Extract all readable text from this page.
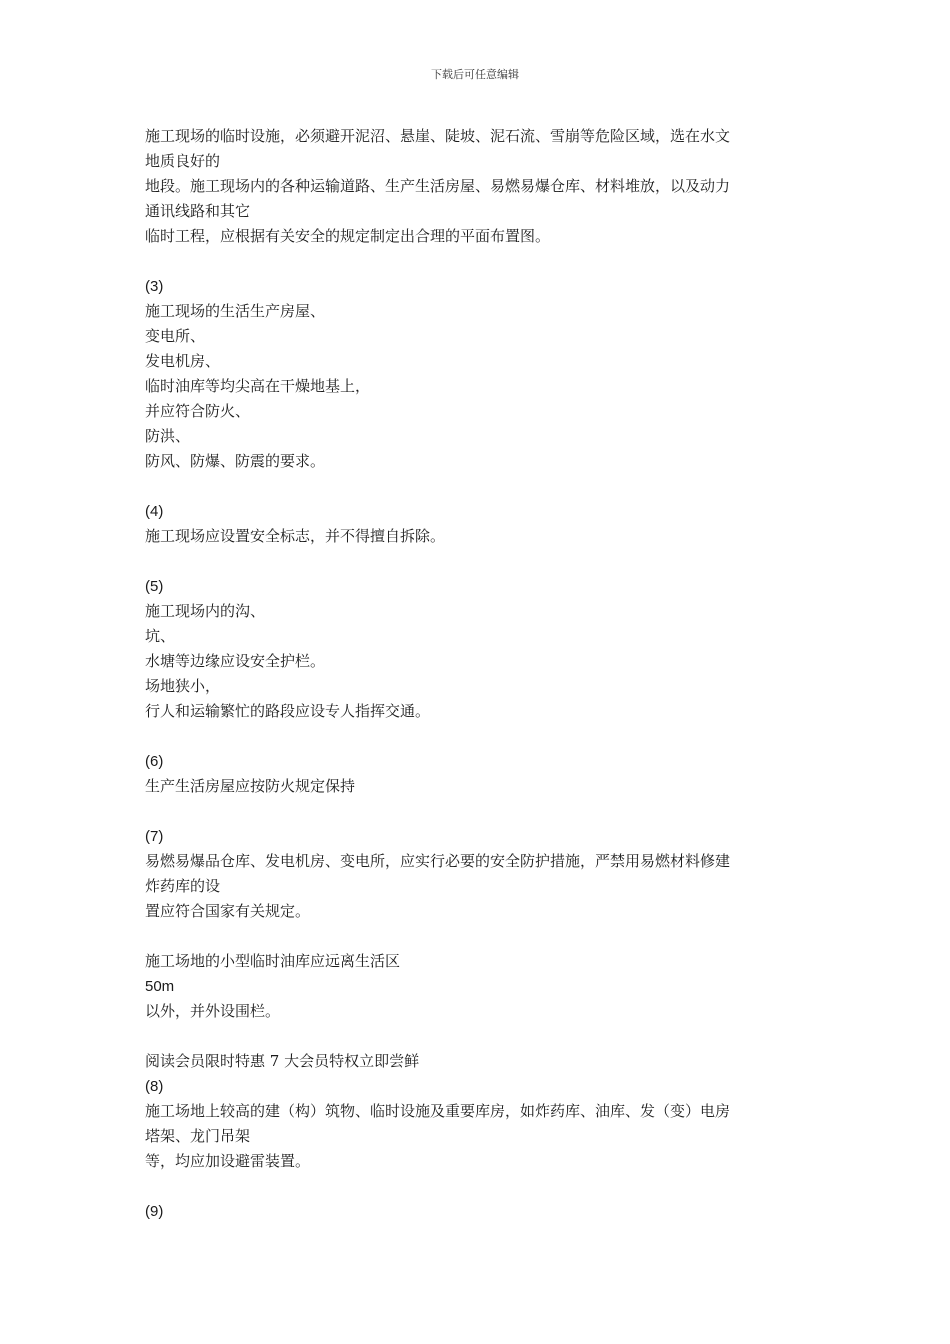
下载后可任意编辑
施工现场的临时设施，必须避开泥沼、悬崖、陡坡、泥石流、雪崩等危险区域，选在水文
地质良好的
地段。施工现场内的各种运输道路、生产生活房屋、易燃易爆仓库、材料堆放，以及动力
通讯线路和其它
临时工程，应根据有关安全的规定制定出合理的平面布置图。
(3)
施工现场的生活生产房屋、
变电所、
发电机房、
临时油库等均尖高在干燥地基上，
并应符合防火、
防洪、
防风、防爆、防震的要求。
(4)
施工现场应设置安全标志，并不得擅自拆除。
(5)
施工现场内的沟、
坑、
水塘等边缘应设安全护栏。
场地狭小，
行人和运输繁忙的路段应设专人指挥交通。
(6)
生产生活房屋应按防火规定保持
(7)
易燃易爆品仓库、发电机房、变电所，应实行必要的安全防护措施，严禁用易燃材料修建
炸药库的设
置应符合国家有关规定。
施工场地的小型临时油库应远离生活区
50m
以外，并外设围栏。
阅读会员限时特惠 7 大会员特权立即尝鲜
(8)
施工场地上较高的建（构）筑物、临时设施及重要库房，如炸药库、油库、发（变）电房
塔架、龙门吊架
等，均应加设避雷装置。
(9)
